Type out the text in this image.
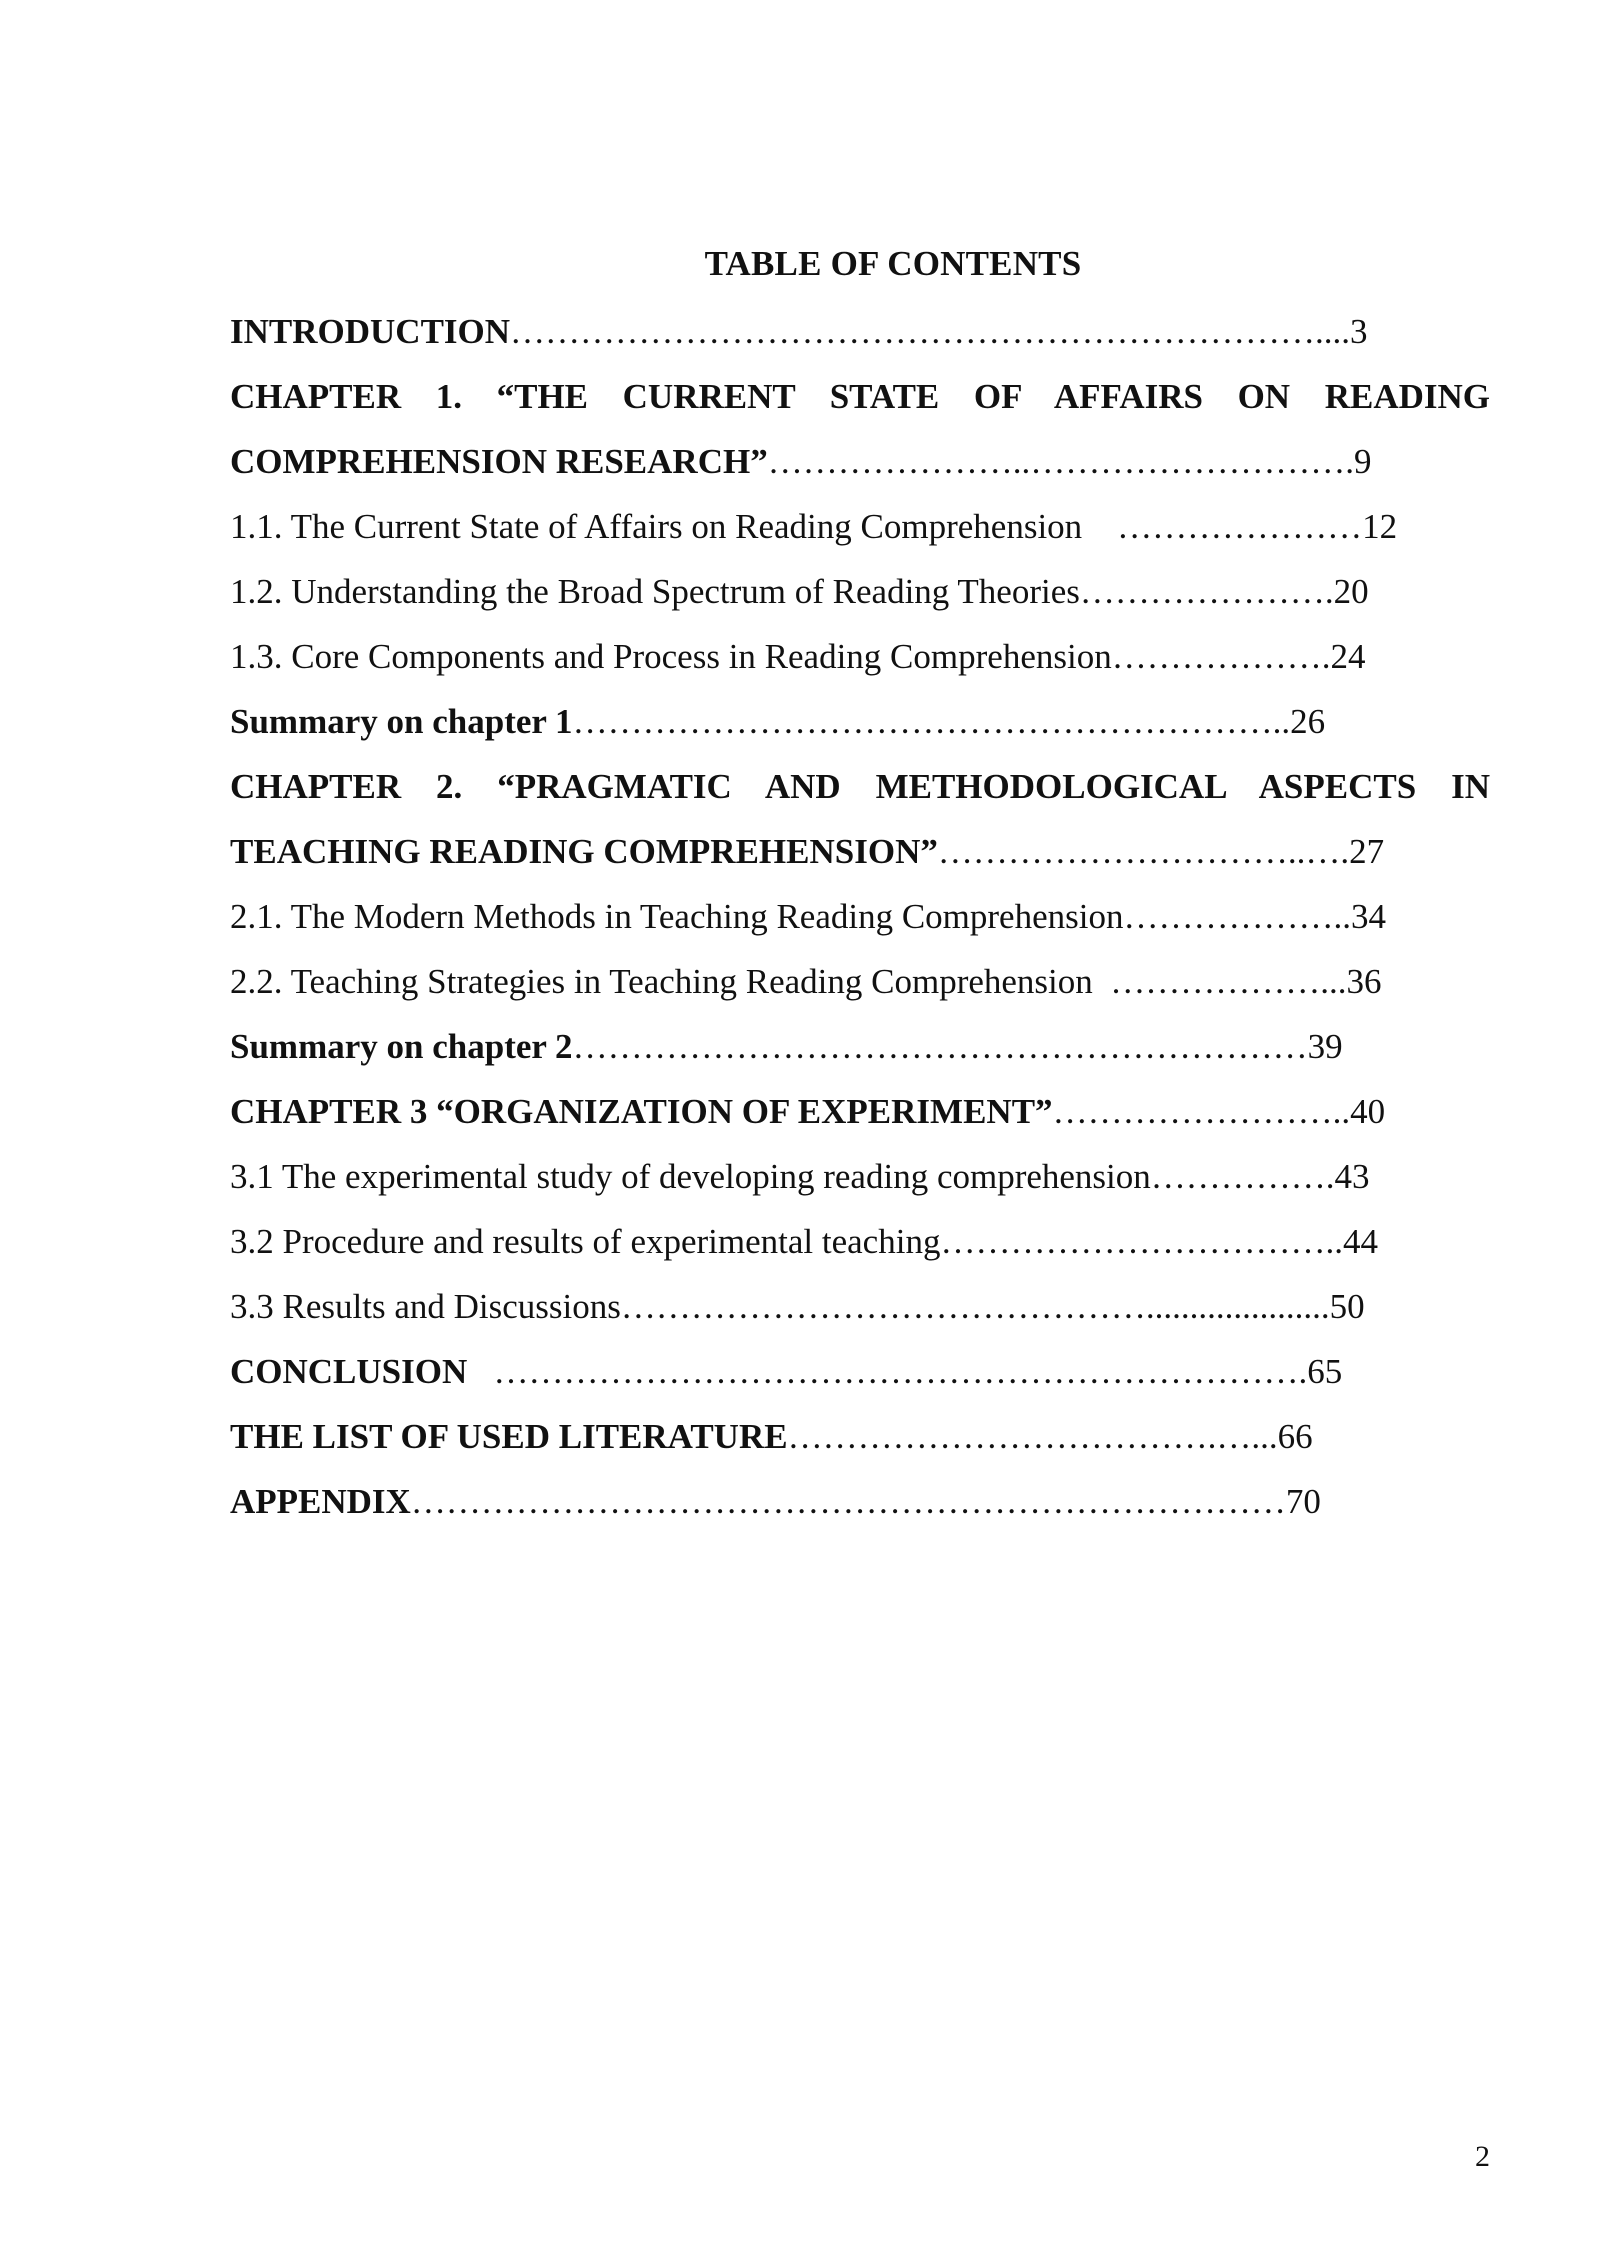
TABLE OF CONTENTS
INTRODUCTION……………………………………………………………....3
CHAPTER 1. “THE CURRENT STATE OF AFFAIRS ON READING
COMPREHENSION RESEARCH”…………………..……………………….9
1.1. The Current State of Affairs on Reading Comprehension    …………………12
1.2. Understanding the Broad Spectrum of Reading Theories………………….20
1.3. Core Components and Process in Reading Comprehension……………….24
Summary on chapter 1……………………………………………………..26
CHAPTER 2. “PRAGMATIC AND METHODOLOGICAL ASPECTS IN
TEACHING READING COMPREHENSION”…………………………..….27
2.1. The Modern Methods in Teaching Reading Comprehension………………..34
2.2. Teaching Strategies in Teaching Reading Comprehension  ………………...36
Summary on chapter 2………………………………………………………39
CHAPTER 3 “ORGANIZATION OF EXPERIMENT”……………………..40
3.1 The experimental study of developing reading comprehension…………….43
3.2 Procedure and results of experimental teaching……………………………..44
3.3 Results and Discussions……………………………………….....................50
CONCLUSION   …………………………………………………………….65
THE LIST OF USED LITERATURE……………………………….…...66
APPENDIX…………………………………………………………………70
2
